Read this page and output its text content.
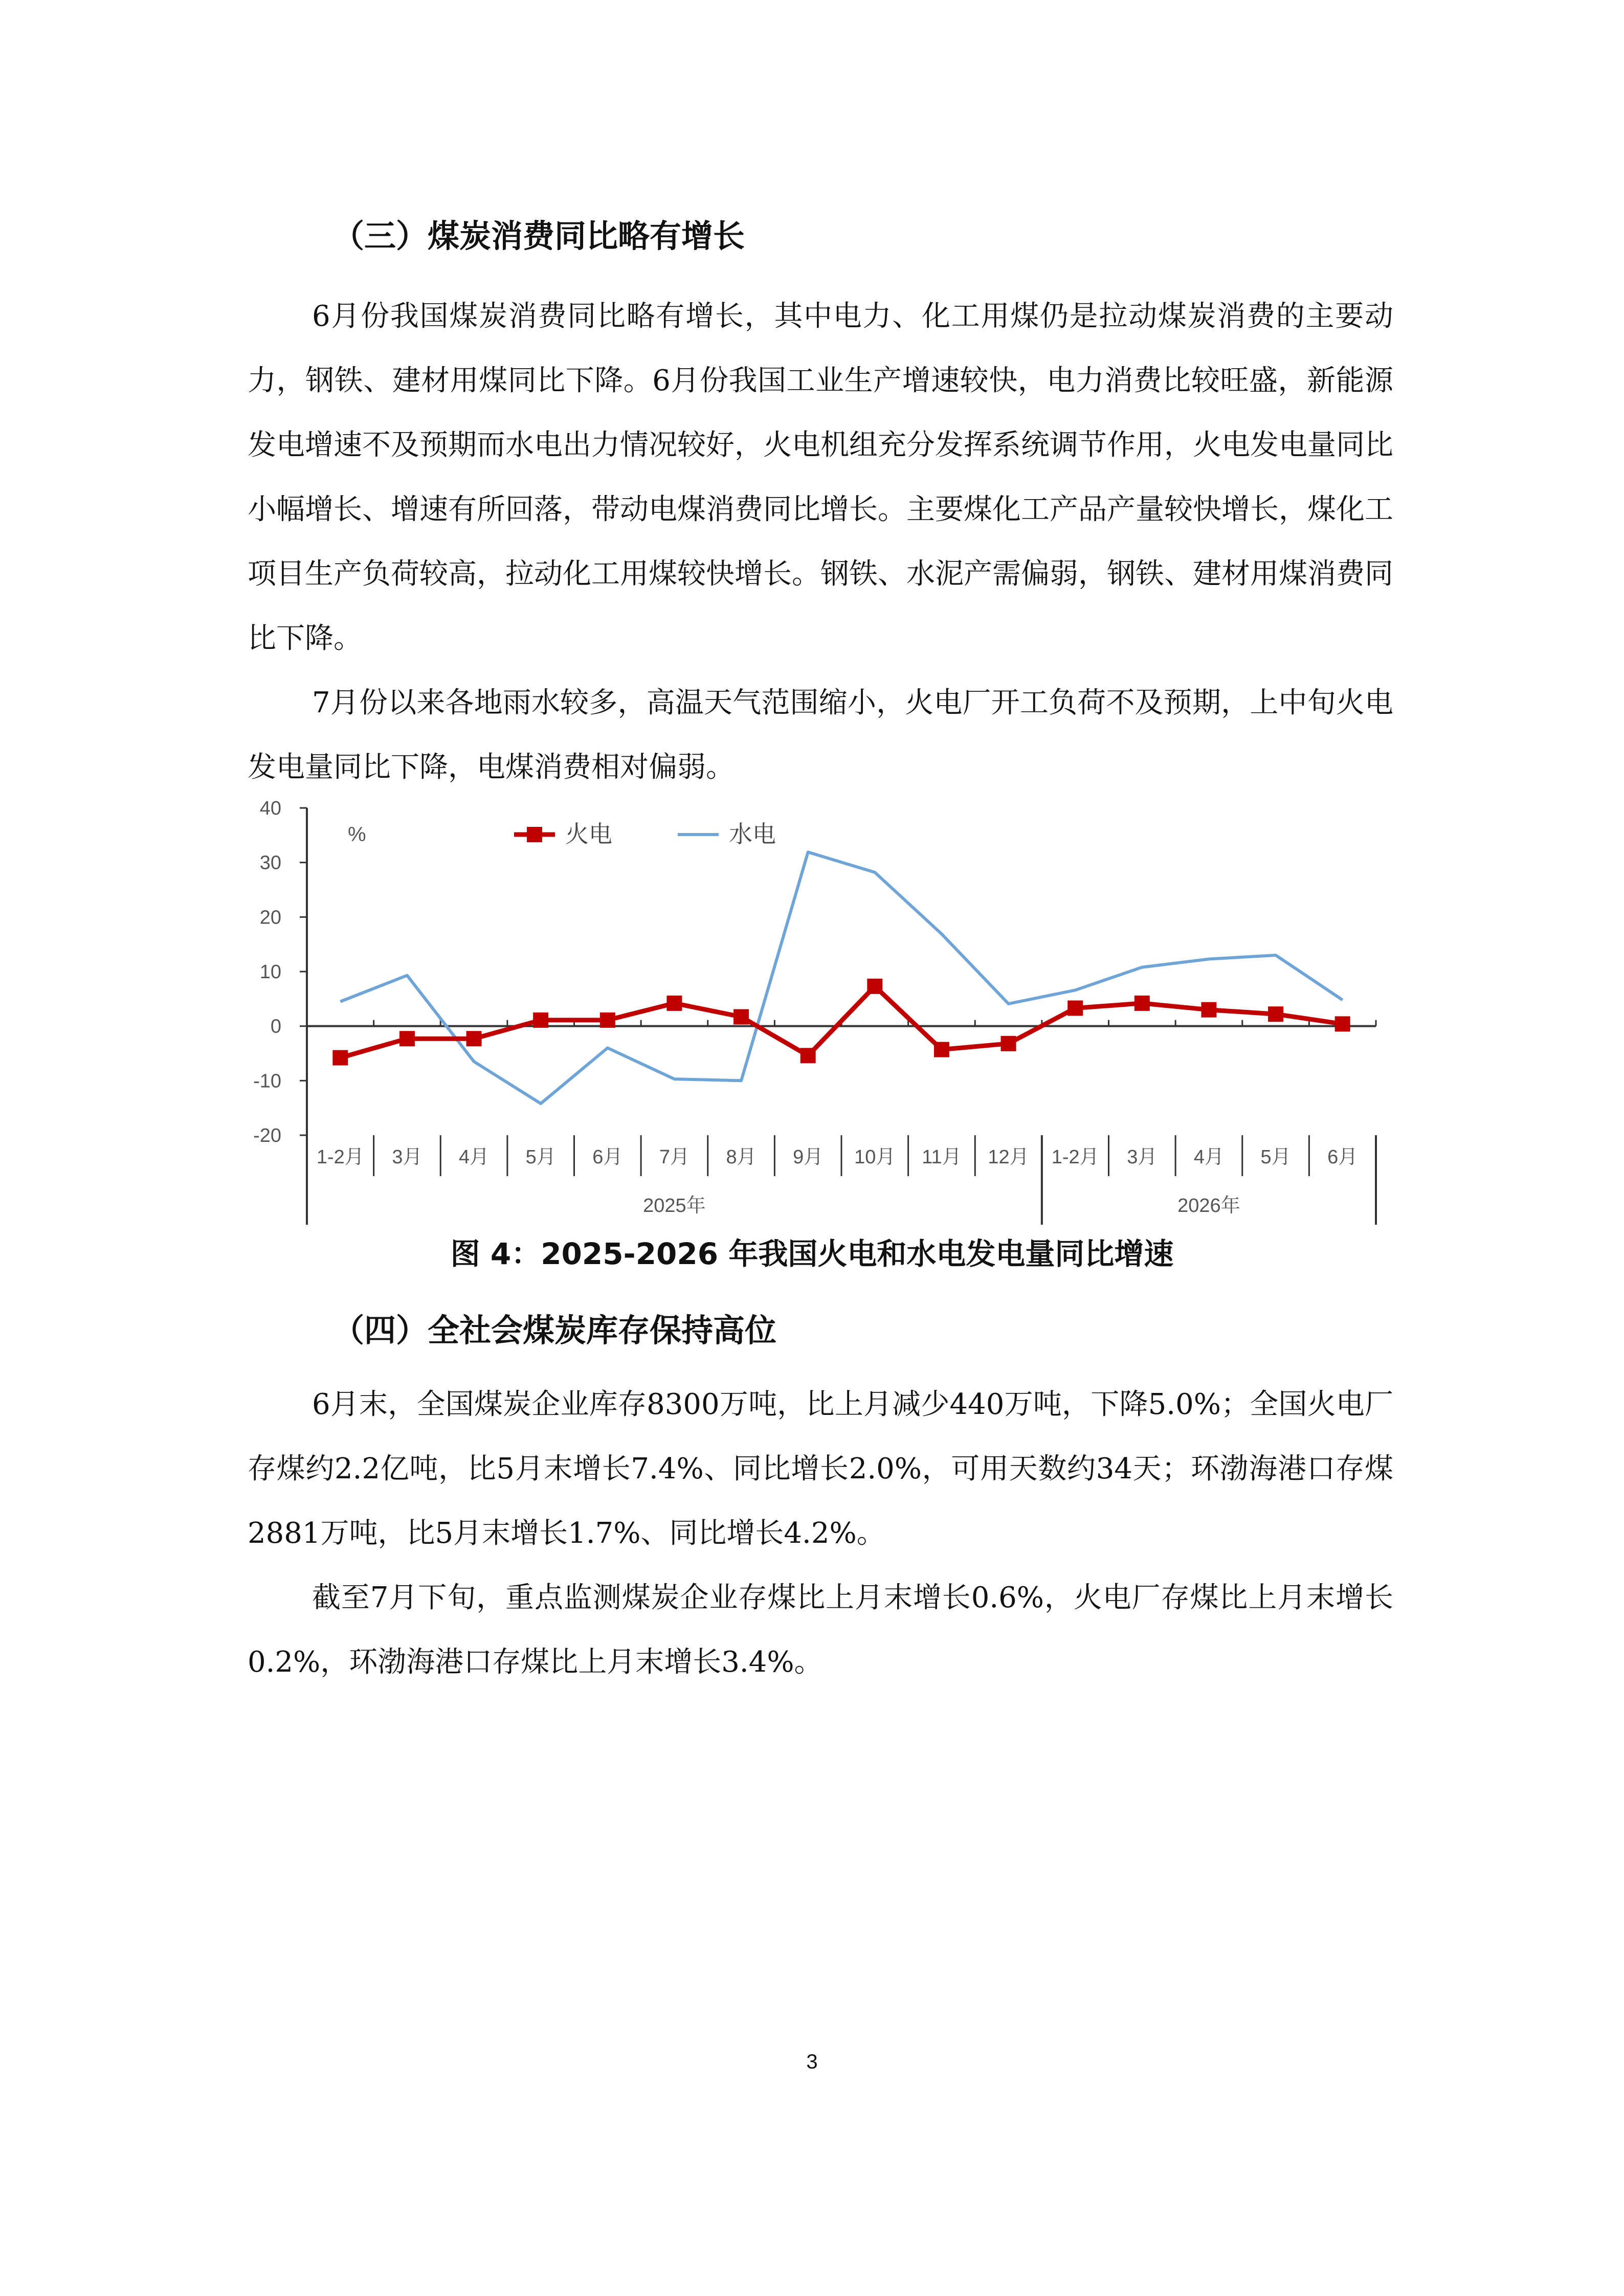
（三）煤炭消费同比略有增长

6月份我国煤炭消费同比略有增长，其中电力、化工用煤仍是拉动煤炭消费的主要动力，钢铁、建材用煤同比下降。6月份我国工业生产增速较快，电力消费比较旺盛，新能源发电增速不及预期而水电出力情况较好，火电机组充分发挥系统调节作用，火电发电量同比小幅增长、增速有所回落，带动电煤消费同比增长。主要煤化工产品产量较快增长，煤化工项目生产负荷较高，拉动化工用煤较快增长。钢铁、水泥产需偏弱，钢铁、建材用煤消费同比下降。

7月份以来各地雨水较多，高温天气范围缩小，火电厂开工负荷不及预期，上中旬火电发电量同比下降，电煤消费相对偏弱。

40
30
20
10
0
-10
-20
1-2月 3月 4月 5月 6月 7月 8月 9月 10月 11月 12月 1-2月 3月 4月 5月 6月
2025年	2026年
%	火电	水电
图 4：2025-2026 年我国火电和水电发电量同比增速
（四）全社会煤炭库存保持高位

6月末，全国煤炭企业库存8300万吨，比上月减少440万吨，下降5.0%；全国火电厂存煤约2.2亿吨，比5月末增长7.4%、同比增长2.0%，可用天数约34天；环渤海港口存煤2881万吨，比5月末增长1.7%、同比增长4.2%。

截至7月下旬，重点监测煤炭企业存煤比上月末增长0.6%，火电厂存煤比上月末增长0.2%，环渤海港口存煤比上月末增长3.4%。

3
